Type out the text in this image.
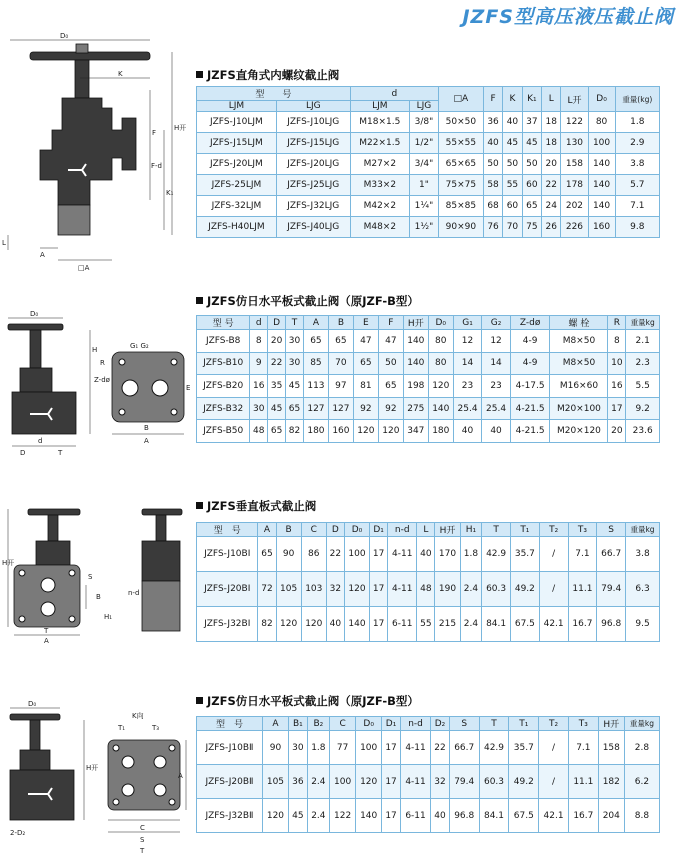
JZFS型高压液压截止阀
D₀
K
H开
F
F-d
K₁
L
A
□A
JZFS直角式内螺纹截止阀
型　　号		d		□A	F	K	K₁	L	L开	D₀	重量(kg)
LJM	LJG	LJM	LJG								
JZFS-J10LJM	JZFS-J10LJG	M18×1.5	3/8"	50×50	36	40	37	18	122	80	1.8
JZFS-J15LJM	JZFS-J15LJG	M22×1.5	1/2"	55×55	40	45	45	18	130	100	2.9
JZFS-J20LJM	JZFS-J20LJG	M27×2	3/4"	65×65	50	50	50	20	158	140	3.8
JZFS-25LJM	JZFS-J25LJG	M33×2	1"	75×75	58	55	60	22	178	140	5.7
JZFS-32LJM	JZFS-J32LJG	M42×2	1¼"	85×85	68	60	65	24	202	140	7.1
JZFS-H40LJM	JZFS-J40LJG	M48×2	1½"	90×90	76	70	75	26	226	160	9.8
D₀
H
R
G₁ G₂
Z-dø
E
B
A
d
T
D
JZFS仿日水平板式截止阀（原JZF-B型）
型 号	d	D	T	A	B	E	F	H开	D₀	G₁	G₂	Z-dø	螺 栓	R	重量kg
JZFS-B8	8	20	30	65	65	47	47	140	80	12	12	4-9	M8×50	8	2.1
JZFS-B10	9	22	30	85	70	65	50	140	80	14	14	4-9	M8×50	10	2.3
JZFS-B20	16	35	45	113	97	81	65	198	120	23	23	4-17.5	M16×60	16	5.5
JZFS-B32	30	45	65	127	127	92	92	275	140	25.4	25.4	4-21.5	M20×100	17	9.2
JZFS-B50	48	65	82	180	160	120	120	347	180	40	40	4-21.5	M20×120	20	23.6
H开
S
B
H₁
T
A
n-d
JZFS垂直板式截止阀
型　号	A	B	C	D	D₀	D₁	n-d	L	H开	H₁	T	T₁	T₂	T₃	S	重量kg
JZFS-J10BI	65	90	86	22	100	17	4-11	40	170	1.8	42.9	35.7	/	7.1	66.7	3.8
JZFS-J20BI	72	105	103	32	120	17	4-11	48	190	2.4	60.3	49.2	/	11.1	79.4	6.3
JZFS-J32BI	82	120	120	40	140	17	6-11	55	215	2.4	84.1	67.5	42.1	16.7	96.8	9.5
D₀
K向
H开
T₁	T₃
A
C
S
T
2-D₂
JZFS仿日水平板式截止阀（原JZF-B型）
型　号	A	B₁	B₂	C	D₀	D₁	n-d	D₂	S	T	T₁	T₂	T₃	H开	重量kg
JZFS-J10BⅡ	90	30	1.8	77	100	17	4-11	22	66.7	42.9	35.7	/	7.1	158	2.8
JZFS-J20BⅡ	105	36	2.4	100	120	17	4-11	32	79.4	60.3	49.2	/	11.1	182	6.2
JZFS-J32BⅡ	120	45	2.4	122	140	17	6-11	40	96.8	84.1	67.5	42.1	16.7	204	8.8
